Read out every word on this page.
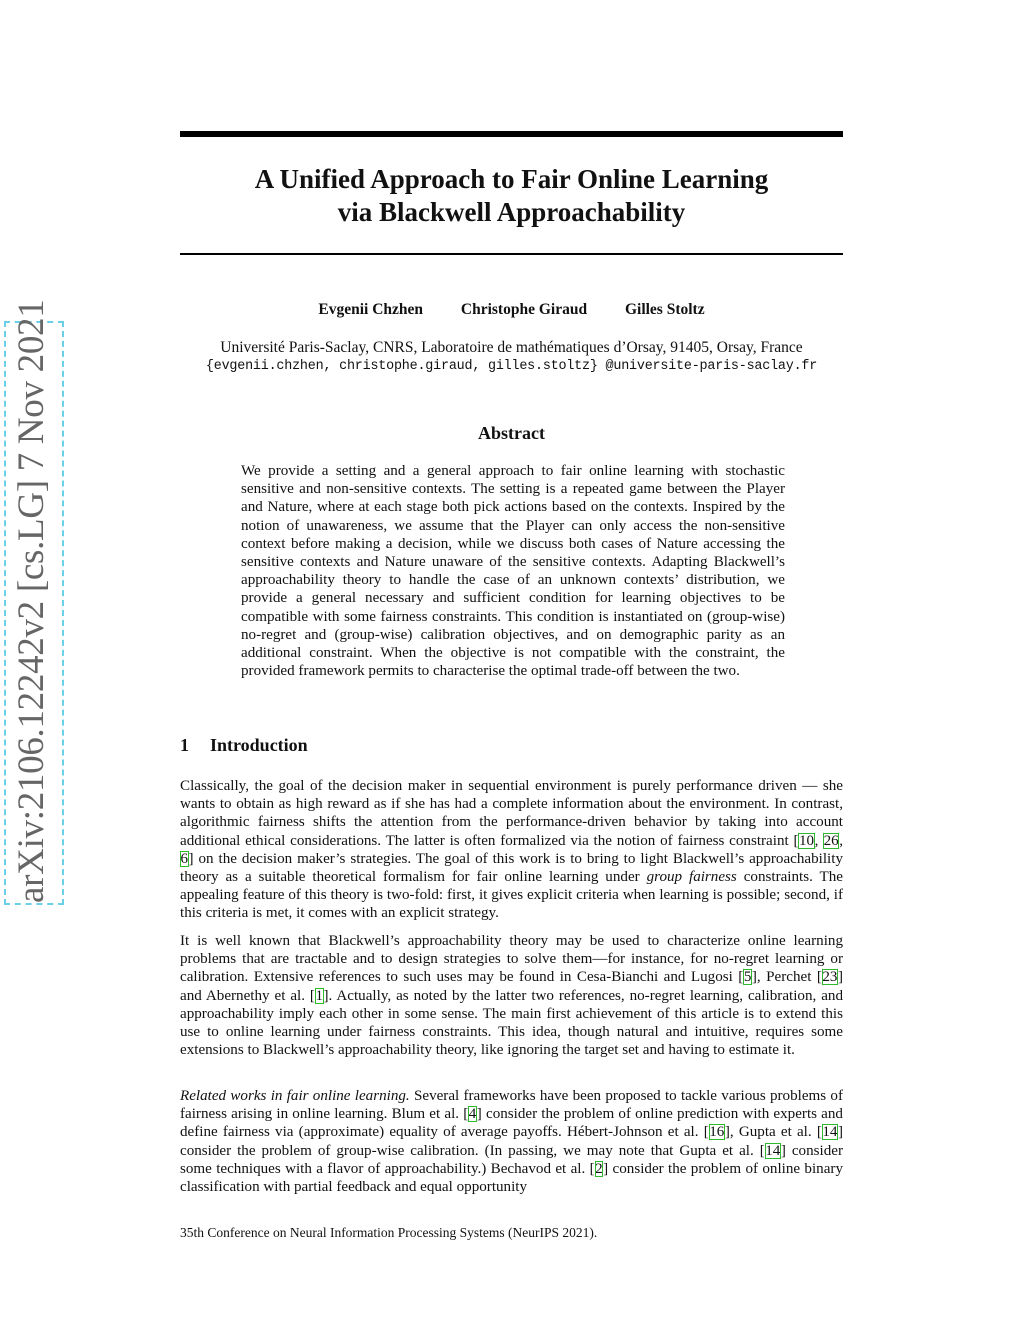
arXiv:2106.12242v2 [cs.LG] 7 Nov 2021
A Unified Approach to Fair Online Learning
via Blackwell Approachability
Evgenii Chzhen Christophe Giraud Gilles Stoltz
Université Paris-Saclay, CNRS, Laboratoire de mathématiques d’Orsay, 91405, Orsay, France
{evgenii.chzhen, christophe.giraud, gilles.stoltz} @universite-paris-saclay.fr
Abstract
We provide a setting and a general approach to fair online learning with stochastic sensitive and non-sensitive contexts. The setting is a repeated game between the Player and Nature, where at each stage both pick actions based on the contexts. Inspired by the notion of unawareness, we assume that the Player can only access the non-sensitive context before making a decision, while we discuss both cases of Nature accessing the sensitive contexts and Nature unaware of the sensitive contexts. Adapting Blackwell’s approachability theory to handle the case of an unknown contexts’ distribution, we provide a general necessary and sufficient condition for learning objectives to be compatible with some fairness constraints. This condition is instantiated on (group-wise) no-regret and (group-wise) calibration objectives, and on demographic parity as an additional constraint. When the objective is not compatible with the constraint, the provided framework permits to characterise the optimal trade-off between the two.
1 Introduction

Classically, the goal of the decision maker in sequential environment is purely performance driven — she wants to obtain as high reward as if she has had a complete information about the environment. In contrast, algorithmic fairness shifts the attention from the performance-driven behavior by taking into account additional ethical considerations. The latter is often formalized via the notion of fairness constraint [10, 26, 6] on the decision maker’s strategies. The goal of this work is to bring to light Blackwell’s approachability theory as a suitable theoretical formalism for fair online learning under group fairness constraints. The appealing feature of this theory is two-fold: first, it gives explicit criteria when learning is possible; second, if this criteria is met, it comes with an explicit strategy.

It is well known that Blackwell’s approachability theory may be used to characterize online learning problems that are tractable and to design strategies to solve them—for instance, for no-regret learning or calibration. Extensive references to such uses may be found in Cesa-Bianchi and Lugosi [5], Perchet [23] and Abernethy et al. [1]. Actually, as noted by the latter two references, no-regret learning, calibration, and approachability imply each other in some sense. The main first achievement of this article is to extend this use to online learning under fairness constraints. This idea, though natural and intuitive, requires some extensions to Blackwell’s approachability theory, like ignoring the target set and having to estimate it.

Related works in fair online learning. Several frameworks have been proposed to tackle various problems of fairness arising in online learning. Blum et al. [4] consider the problem of online prediction with experts and define fairness via (approximate) equality of average payoffs. Hébert-Johnson et al. [16], Gupta et al. [14] consider the problem of group-wise calibration. (In passing, we may note that Gupta et al. [14] consider some techniques with a flavor of approachability.) Bechavod et al. [2] consider the problem of online binary classification with partial feedback and equal opportunity

35th Conference on Neural Information Processing Systems (NeurIPS 2021).
